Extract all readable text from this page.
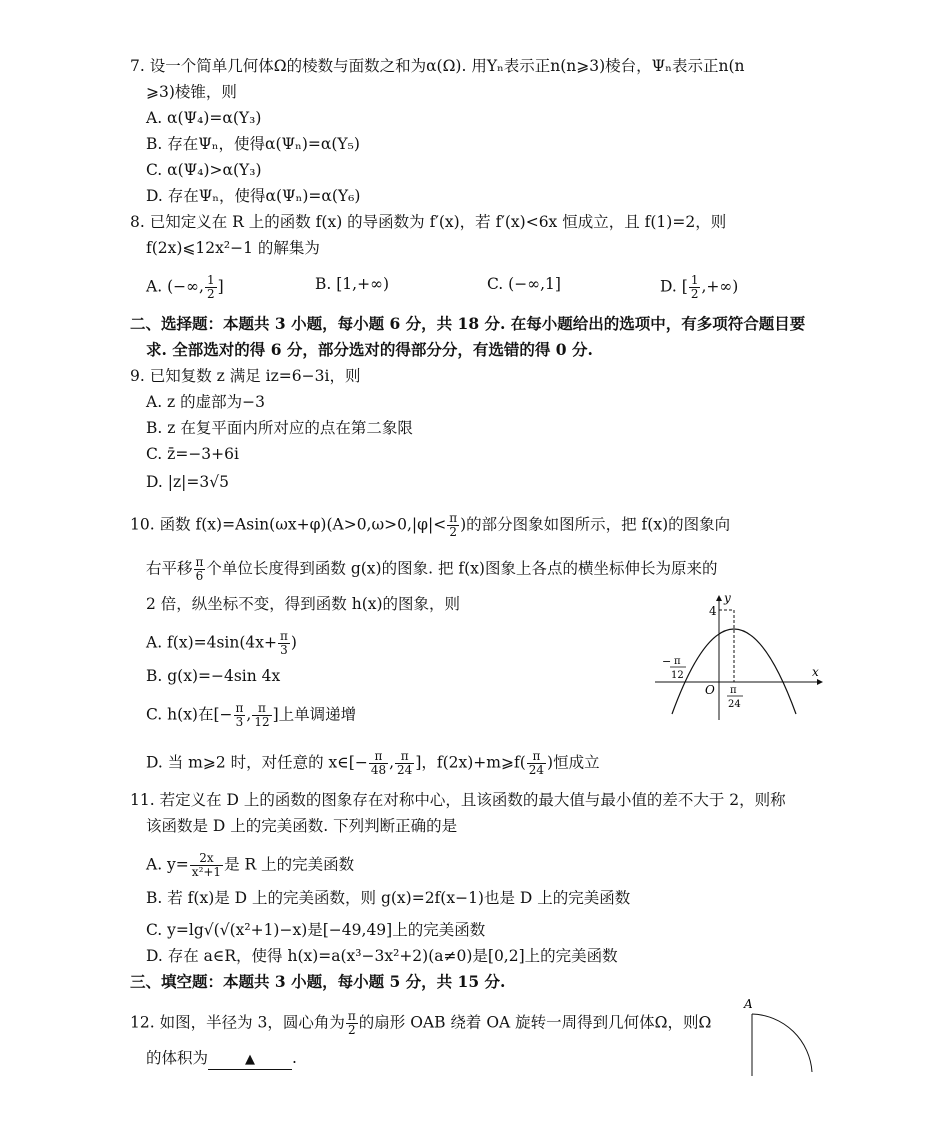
7. 设一个简单几何体Ω的棱数与面数之和为α(Ω). 用Υₙ表示正n(n⩾3)棱台，Ψₙ表示正n(n
⩾3)棱锥，则
A. α(Ψ₄)=α(Υ₃)
B. 存在Ψₙ，使得α(Ψₙ)=α(Υ₅)
C. α(Ψ₄)>α(Υ₃)
D. 存在Ψₙ，使得α(Ψₙ)=α(Υ₆)
8. 已知定义在 R 上的函数 f(x) 的导函数为 f′(x)，若 f′(x)<6x 恒成立，且 f(1)=2，则
f(2x)⩽12x²−1 的解集为
A. (−∞, $\frac{1}{2}$ ]	B. [1,+∞)	C. (−∞,1]	D. [ $\frac{1}{2}$ ,+∞)
二、选择题：本题共 3 小题，每小题 6 分，共 18 分. 在每小题给出的选项中，有多项符合题目要
求. 全部选对的得 6 分，部分选对的得部分分，有选错的得 0 分.
9. 已知复数 z 满足 iz=6−3i，则
A. z 的虚部为−3
B. z 在复平面内所对应的点在第二象限
C. z̄=−3+6i
D. |z|=3√5
10. 函数 $f(x)=Asin(\omega x+\varphi)(A>0,\omega>0,|\varphi|< \frac{\pi}{2}$ )的部分图象如图所示，把 f(x)的图象向
右平移 $\frac{\pi}{6}$ 个单位长度得到函数 g(x)的图象. 把 f(x)图象上各点的横坐标伸长为原来的
2 倍，纵坐标不变，得到函数 h(x)的图象，则
A. $f(x)=4\sin(4x+ \frac{\pi}{3}$ )
B. g(x)=−4sin 4x
C. h(x)在[− $\frac{\pi}{3}$ , $\frac{\pi}{12}$ ]上单调递增
D. 当 m⩾2 时，对任意的 x∈[− $\frac{\pi}{48}$ , $\frac{\pi}{24}$ ]，f(2x)+m⩾f( $\frac{\pi}{24}$ )恒成立
y
x
O
4
− π
12
π
24
11. 若定义在 D 上的函数的图象存在对称中心，且该函数的最大值与最小值的差不大于 2，则称
该函数是 D 上的完美函数. 下列判断正确的是
A. $y= \frac{2x}{\text{x²+1}}$ 是 R 上的完美函数
B. 若 f(x)是 D 上的完美函数，则 g(x)=2f(x−1)也是 D 上的完美函数
C. y=lg√(√(x²+1)−x)是[−49,49]上的完美函数
D. 存在 a∈R，使得 h(x)=a(x³−3x²+2)(a≠0)是[0,2]上的完美函数
三、填空题：本题共 3 小题，每小题 5 分，共 15 分.
12. 如图，半径为 3，圆心角为 $\frac{\pi}{2}$ 的扇形 OAB 绕着 OA 旋转一周得到几何体Ω，则Ω
的体积为	▲ .
A
